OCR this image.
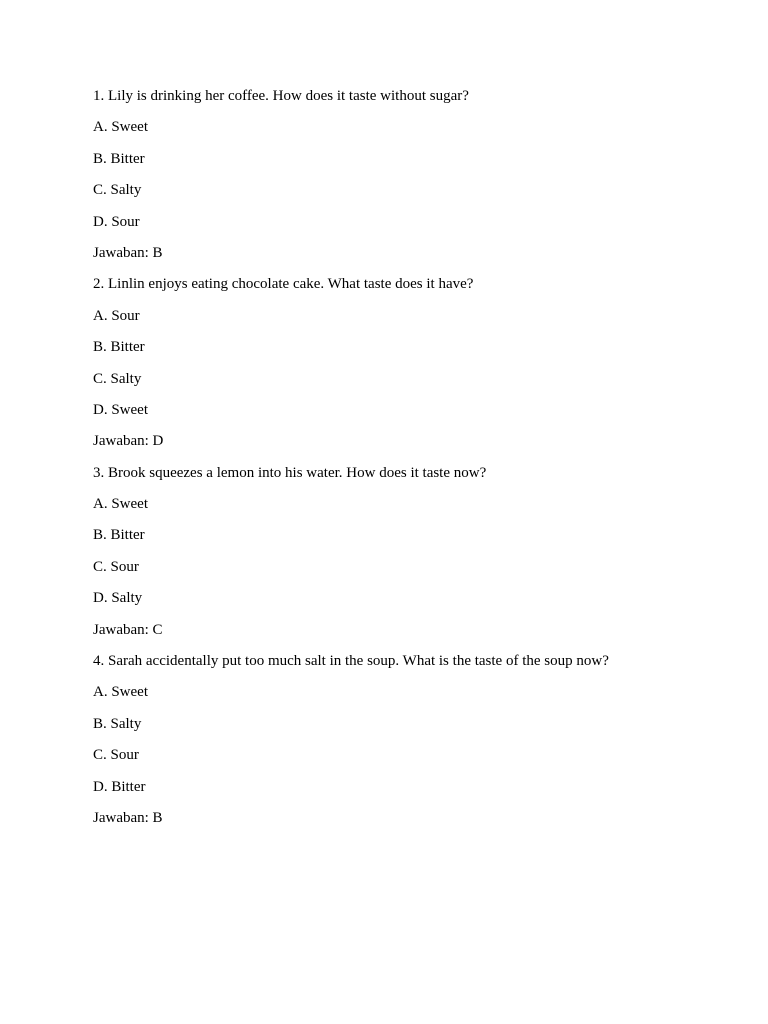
1. Lily is drinking her coffee. How does it taste without sugar?

A. Sweet

B. Bitter

C. Salty

D. Sour

Jawaban: B

2. Linlin enjoys eating chocolate cake. What taste does it have?

A. Sour

B. Bitter

C. Salty

D. Sweet

Jawaban: D

3. Brook squeezes a lemon into his water. How does it taste now?

A. Sweet

B. Bitter

C. Sour

D. Salty

Jawaban: C

4. Sarah accidentally put too much salt in the soup. What is the taste of the soup now?

A. Sweet

B. Salty

C. Sour

D. Bitter

Jawaban: B
